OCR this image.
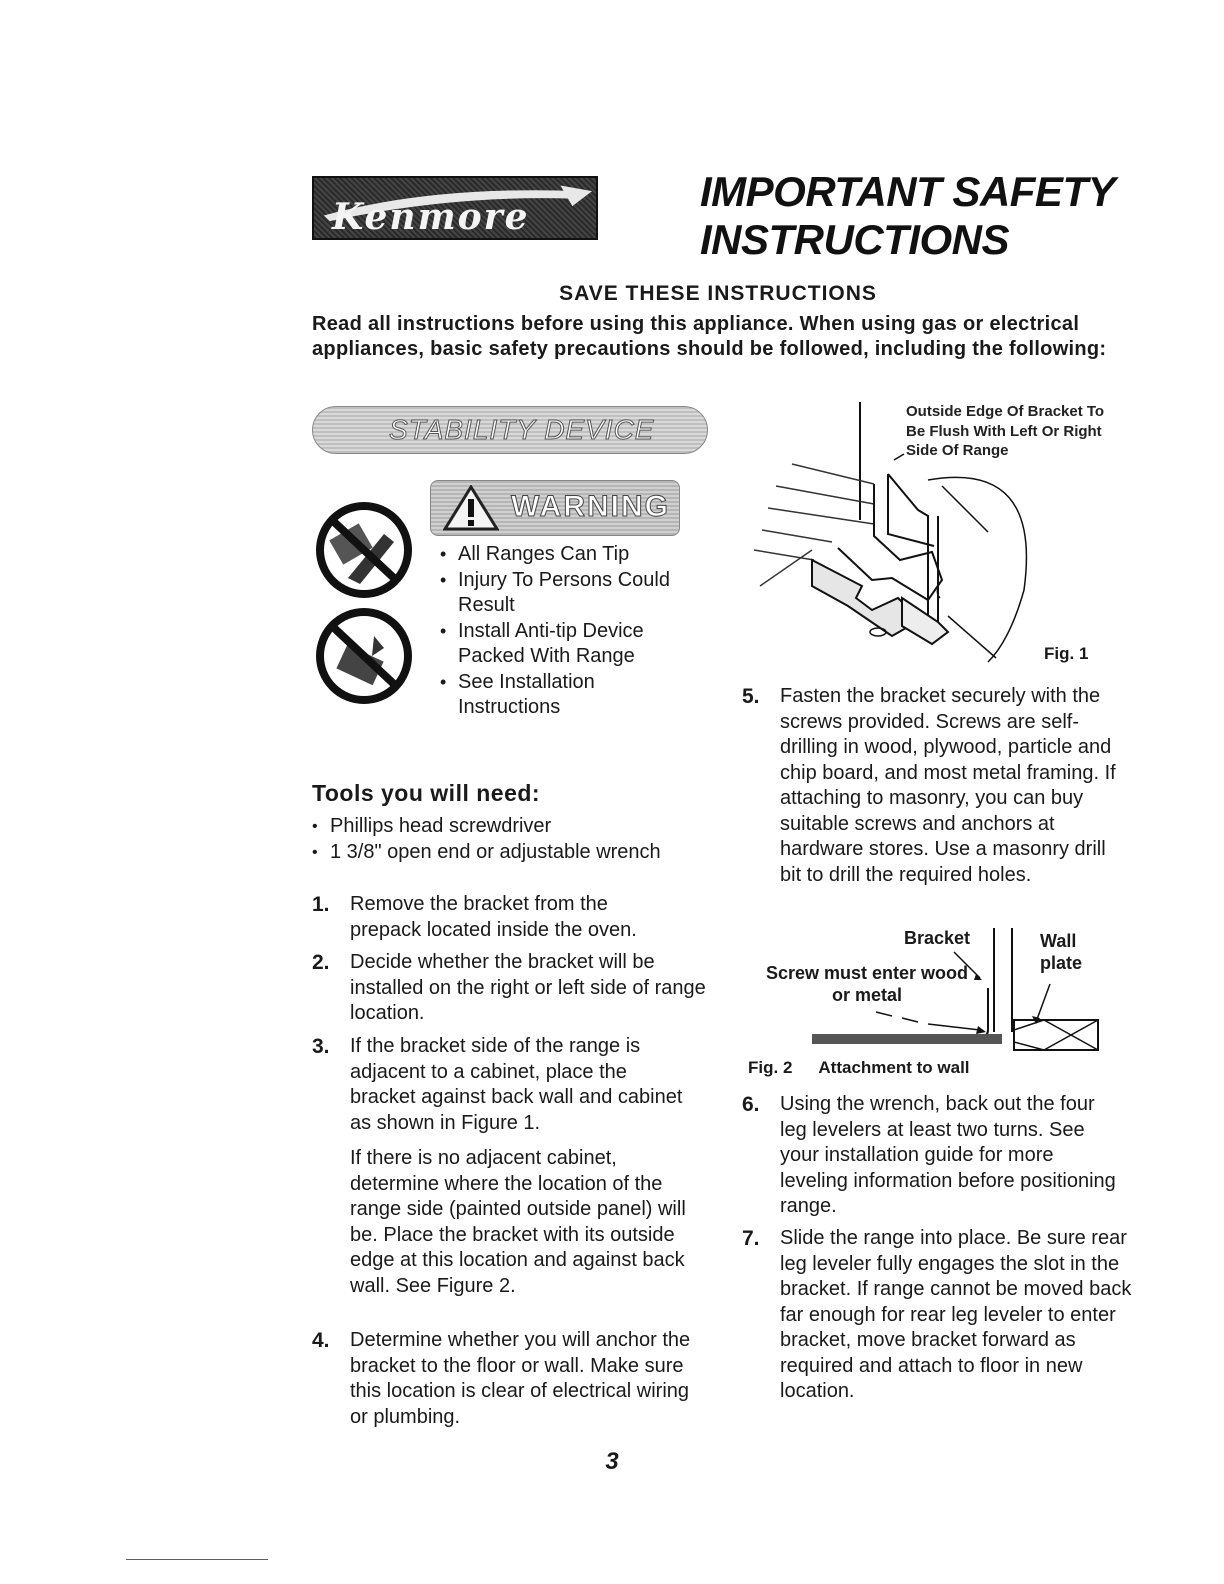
Kenmore
IMPORTANT SAFETY
INSTRUCTIONS
SAVE THESE INSTRUCTIONS
Read all instructions before using this appliance. When using gas or electrical appliances, basic safety precautions should be followed, including the following:
STABILITY DEVICE
WARNING
• All Ranges Can Tip
• Injury To Persons Could Result
• Install Anti-tip Device Packed With Range
• See Installation Instructions
Tools you will need:
• Phillips head screwdriver
• 1 3/8" open end or adjustable wrench
1. Remove the bracket from the prepack located inside the oven.

2. Decide whether the bracket will be installed on the right or left side of range location.

3. If the bracket side of the range is adjacent to a cabinet, place the bracket against back wall and cabinet as shown in Figure 1.

If there is no adjacent cabinet, determine where the location of the range side (painted outside panel) will be. Place the bracket with its outside edge at this location and against back wall. See Figure 2.

4. Determine whether you will anchor the bracket to the floor or wall. Make sure this location is clear of electrical wiring or plumbing.

Outside Edge Of Bracket To Be Flush With Left Or Right Side Of Range
Fig. 1
5. Fasten the bracket securely with the screws provided. Screws are self-drilling in wood, plywood, particle and chip board, and most metal framing. If attaching to masonry, you can buy suitable screws and anchors at hardware stores. Use a masonry drill bit to drill the required holes.

6. Using the wrench, back out the four leg levelers at least two turns. See your installation guide for more leveling information before positioning range.

7. Slide the range into place. Be sure rear leg leveler fully engages the slot in the bracket. If range cannot be moved back far enough for rear leg leveler to enter bracket, move bracket forward as required and attach to floor in new location.

Bracket	Wall plate
Screw must enter wood or metal
Fig. 2 Attachment to wall
3
